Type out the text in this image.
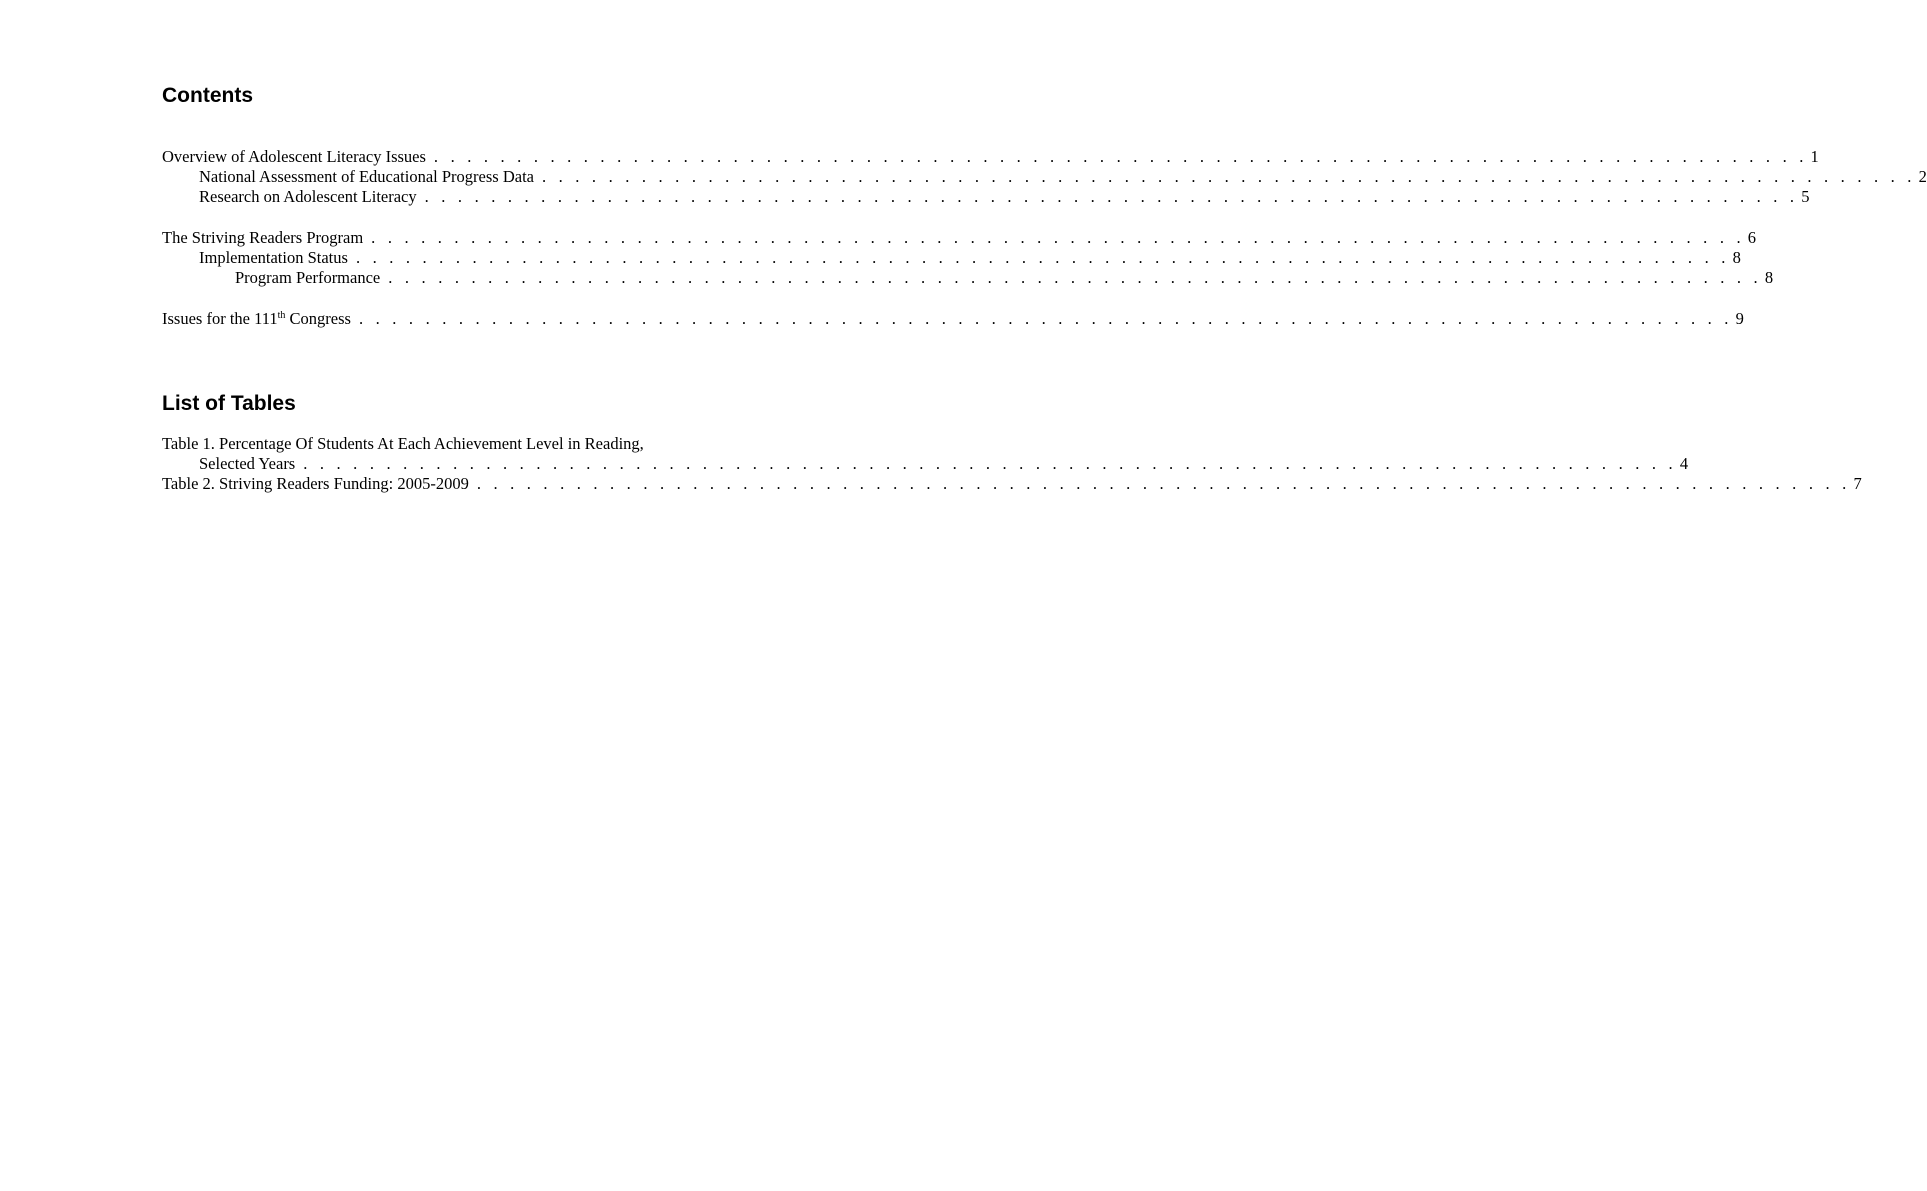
Contents
Overview of Adolescent Literacy Issues . . . . . . . . . . . . . . . . . . . . . . . . . . . . . . . . . . . . . . . . . . . . . . . . . . . . . . . . . . . . . . . . . . . . . . . . . . . . . . . . . . . 1
National Assessment of Educational Progress Data . . . . . . . . . . . . . . . . . . . . . . . . . . . . . . . . . . . . . . . . . . . . . . . . . . . . . . . . . . . . . . . . . . . . . . . . . . . . . . . . . . . 2
Research on Adolescent Literacy . . . . . . . . . . . . . . . . . . . . . . . . . . . . . . . . . . . . . . . . . . . . . . . . . . . . . . . . . . . . . . . . . . . . . . . . . . . . . . . . . . . 5
The Striving Readers Program . . . . . . . . . . . . . . . . . . . . . . . . . . . . . . . . . . . . . . . . . . . . . . . . . . . . . . . . . . . . . . . . . . . . . . . . . . . . . . . . . . . 6
Implementation Status . . . . . . . . . . . . . . . . . . . . . . . . . . . . . . . . . . . . . . . . . . . . . . . . . . . . . . . . . . . . . . . . . . . . . . . . . . . . . . . . . . . 8
Program Performance . . . . . . . . . . . . . . . . . . . . . . . . . . . . . . . . . . . . . . . . . . . . . . . . . . . . . . . . . . . . . . . . . . . . . . . . . . . . . . . . . . . 8
Issues for the 111th Congress . . . . . . . . . . . . . . . . . . . . . . . . . . . . . . . . . . . . . . . . . . . . . . . . . . . . . . . . . . . . . . . . . . . . . . . . . . . . . . . . . . . 9
List of Tables
Table 1. Percentage Of Students At Each Achievement Level in Reading,
Selected Years . . . . . . . . . . . . . . . . . . . . . . . . . . . . . . . . . . . . . . . . . . . . . . . . . . . . . . . . . . . . . . . . . . . . . . . . . . . . . . . . . . . 4
Table 2. Striving Readers Funding: 2005-2009 . . . . . . . . . . . . . . . . . . . . . . . . . . . . . . . . . . . . . . . . . . . . . . . . . . . . . . . . . . . . . . . . . . . . . . . . . . . . . . . . . . . 7
